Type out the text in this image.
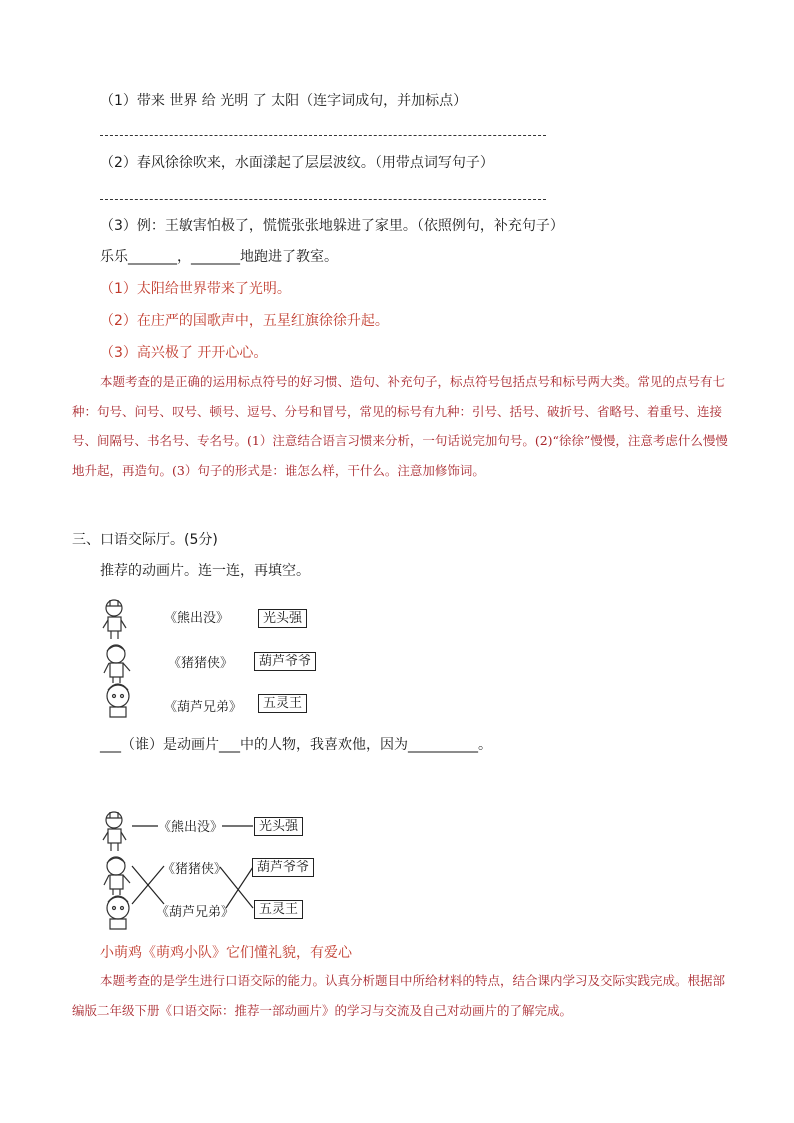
（1）带来 世界 给 光明 了 太阳（连字词成句，并加标点）
（2）春风徐徐吹来，水面漾起了层层波纹。（用带点词写句子）
（3）例：王敏害怕极了，慌慌张张地躲进了家里。（依照例句，补充句子）
乐乐_______，_______地跑进了教室。
（1）太阳给世界带来了光明。
（2）在庄严的国歌声中，五星红旗徐徐升起。
（3）高兴极了 开开心心。

本题考查的是正确的运用标点符号的好习惯、造句、补充句子，标点符号包括点号和标号两大类。常见的点号有七种：句号、问号、叹号、顿号、逗号、分号和冒号，常见的标号有九种：引号、括号、破折号、省略号、着重号、连接号、间隔号、书名号、专名号。(1）注意结合语言习惯来分析，一句话说完加句号。(2)“徐徐”慢慢，注意考虑什么慢慢地升起，再造句。(3）句子的形式是：谁怎么样，干什么。注意加修饰词。

三、口语交际厅。(5分)
推荐的动画片。连一连，再填空。
《熊出没》
《猪猪侠》
《葫芦兄弟》
光头强
葫芦爷爷
五灵王
___（谁）是动画片___中的人物，我喜欢他，因为__________。
《熊出没》
《猪猪侠》
《葫芦兄弟》
光头强
葫芦爷爷
五灵王
小萌鸡《萌鸡小队》它们懂礼貌，有爱心

本题考查的是学生进行口语交际的能力。认真分析题目中所给材料的特点，结合课内学习及交际实践完成。根据部编版二年级下册《口语交际：推荐一部动画片》的学习与交流及自己对动画片的了解完成。
